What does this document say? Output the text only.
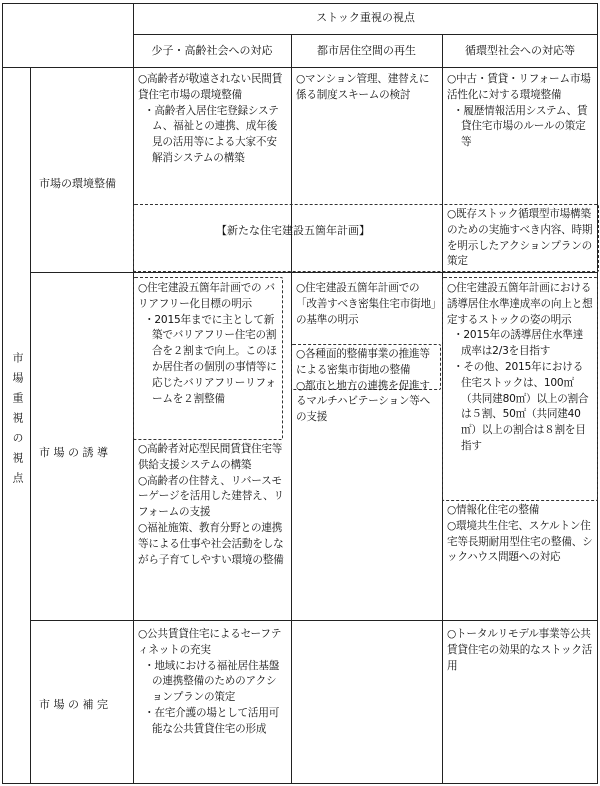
ストック重視の視点
少子・高齢社会への対応	都市居住空間の再生	循環型社会への対応等
市場重視の視点
市場の環境整備
市 場 の 誘 導
市 場 の 補 完
【新たな住宅建設五箇年計画】

○高齢者が敬遠されない民間賃貸住宅市場の環境整備

・高齢者入居住宅登録システム、福祉との連携、成年後見の活用等による大家不安解消システムの構築

○マンション管理、建替えに係る制度スキームの検討

○中古・賃貸・リフォーム市場活性化に対する環境整備

・履歴情報活用システム、賃貸住宅市場のルールの策定等

○既存ストック循環型市場構築のための実施すべき内容、時期を明示したアクションプランの策定

○住宅建設五箇年計画での バリアフリー化目標の明示

・2015年までに主として新築でバリアフリー住宅の割合を２割まで向上。このほか居住者の個別の事情等に応じたバリアフリーリフォームを２割整備

○高齢者対応型民間賃貸住宅等供給支援システムの構築

○高齢者の住替え、リバースモーゲージを活用した建替え、リフォームの支援

○福祉施策、教育分野との連携等による仕事や社会活動をしながら子育てしやすい環境の整備

○住宅建設五箇年計画での「改善すべき密集住宅市街地」の基準の明示

○各種面的整備事業の推進等による密集市街地の整備

○都市と地方の連携を促進するマルチハビテーション等への支援

○住宅建設五箇年計画における誘導居住水準達成率の向上と想定するストックの姿の明示

・2015年の誘導居住水準達成率は2/3を目指す

・その他、2015年における住宅ストックは、100㎡（共同建80㎡）以上の割合は５割、50㎡（共同建40㎡）以上の割合は８割を目指す

○情報化住宅の整備

○環境共生住宅、スケルトン住宅等長期耐用型住宅の整備、シックハウス問題への対応

○公共賃貸住宅によるセーフティネットの充実

・地域における福祉居住基盤の連携整備のためのアクションプランの策定

・在宅介護の場として活用可能な公共賃貸住宅の形成

○トータルリモデル事業等公共賃貸住宅の効果的なストック活用
